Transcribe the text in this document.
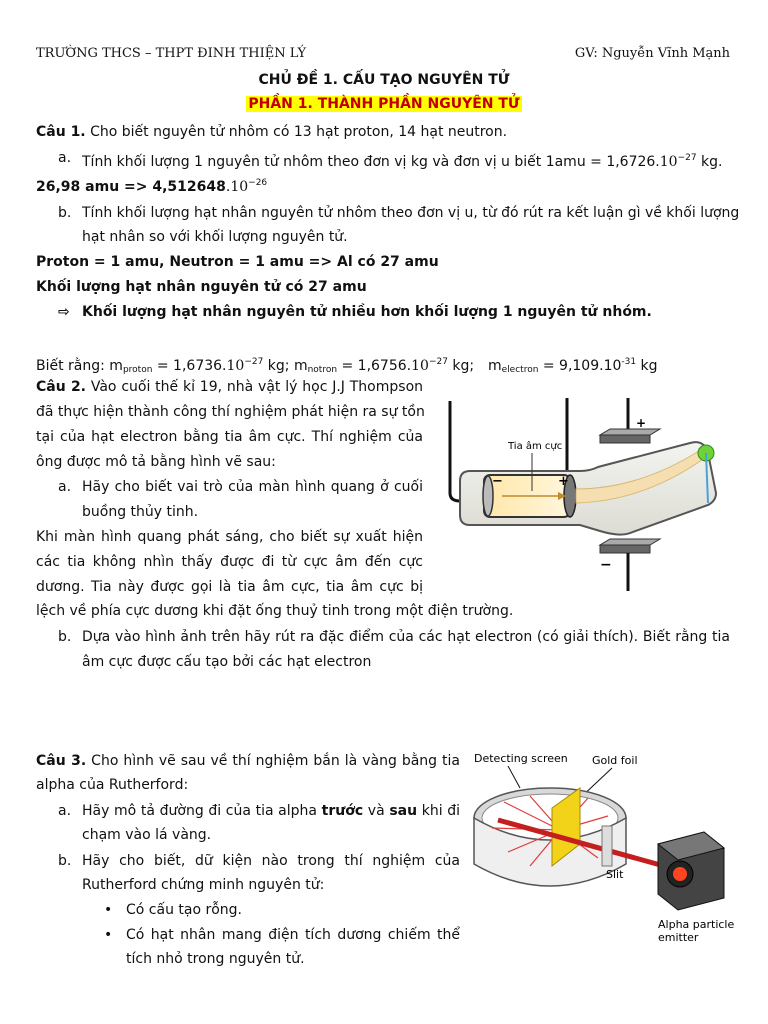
TRƯỜNG THCS – THPT ĐINH THIỆN LÝ	GV: Nguyễn Vĩnh Mạnh
CHỦ ĐỀ 1. CẤU TẠO NGUYÊN TỬ
PHẦN 1. THÀNH PHẦN NGUYÊN TỬ
Câu 1. Cho biết nguyên tử nhôm có 13 hạt proton, 14 hạt neutron.
a. Tính khối lượng 1 nguyên tử nhôm theo đơn vị kg và đơn vị u biết $1amu = 1,6726.10^{-27}$ kg.
26,98 amu => $4,512648.10^{-26}$
b. Tính khối lượng hạt nhân nguyên tử nhôm theo đơn vị u, từ đó rút ra kết luận gì về khối lượng
hạt nhân so với khối lượng nguyên tử.
Proton = 1 amu, Neutron = 1 amu => Al có 27 amu
Khối lượng hạt nhân nguyên tử có 27 amu
⇨ Khối lượng hạt nhân nguyên tử nhiều hơn khối lượng 1 nguyên tử nhóm.
Biết rằng: $m_{proton} = 1,6736.10^{-27}$ kg; $m_{notron} = 1,6756.10^{-27}$ kg; $m_{electron} = 9,109.10^{-31}$ kg
Câu 2. Vào cuối thế kỉ 19, nhà vật lý học J.J Thompson
đã thực hiện thành công thí nghiệm phát hiện ra sự tồn
tại của hạt electron bằng tia âm cực. Thí nghiệm của
ông được mô tả bằng hình vẽ sau:
a. Hãy cho biết vai trò của màn hình quang ở cuối
buồng thủy tinh.
Khi màn hình quang phát sáng, cho biết sự xuất hiện
các tia không nhìn thấy được đi từ cực âm đến cực
dương. Tia này được gọi là tia âm cực, tia âm cực bị
lệch về phía cực dương khi đặt ống thuỷ tinh trong một điện trường.
b. Dựa vào hình ảnh trên hãy rút ra đặc điểm của các hạt electron (có giải thích). Biết rằng tia
âm cực được cấu tạo bởi các hạt electron
−	+
Tia âm cực
+
−
Câu 3. Cho hình vẽ sau về thí nghiệm bắn là vàng bằng tia
alpha của Rutherford:
a. Hãy mô tả đường đi của tia alpha trước và sau khi đi
chạm vào lá vàng.
b. Hãy cho biết, dữ kiện nào trong thí nghiệm của
Rutherford chứng minh nguyên tử:
• Có cấu tạo rỗng.
• Có hạt nhân mang điện tích dương chiếm thể
tích nhỏ trong nguyên tử.
Detecting screen Gold foil
Slit
Alpha particle
emitter
